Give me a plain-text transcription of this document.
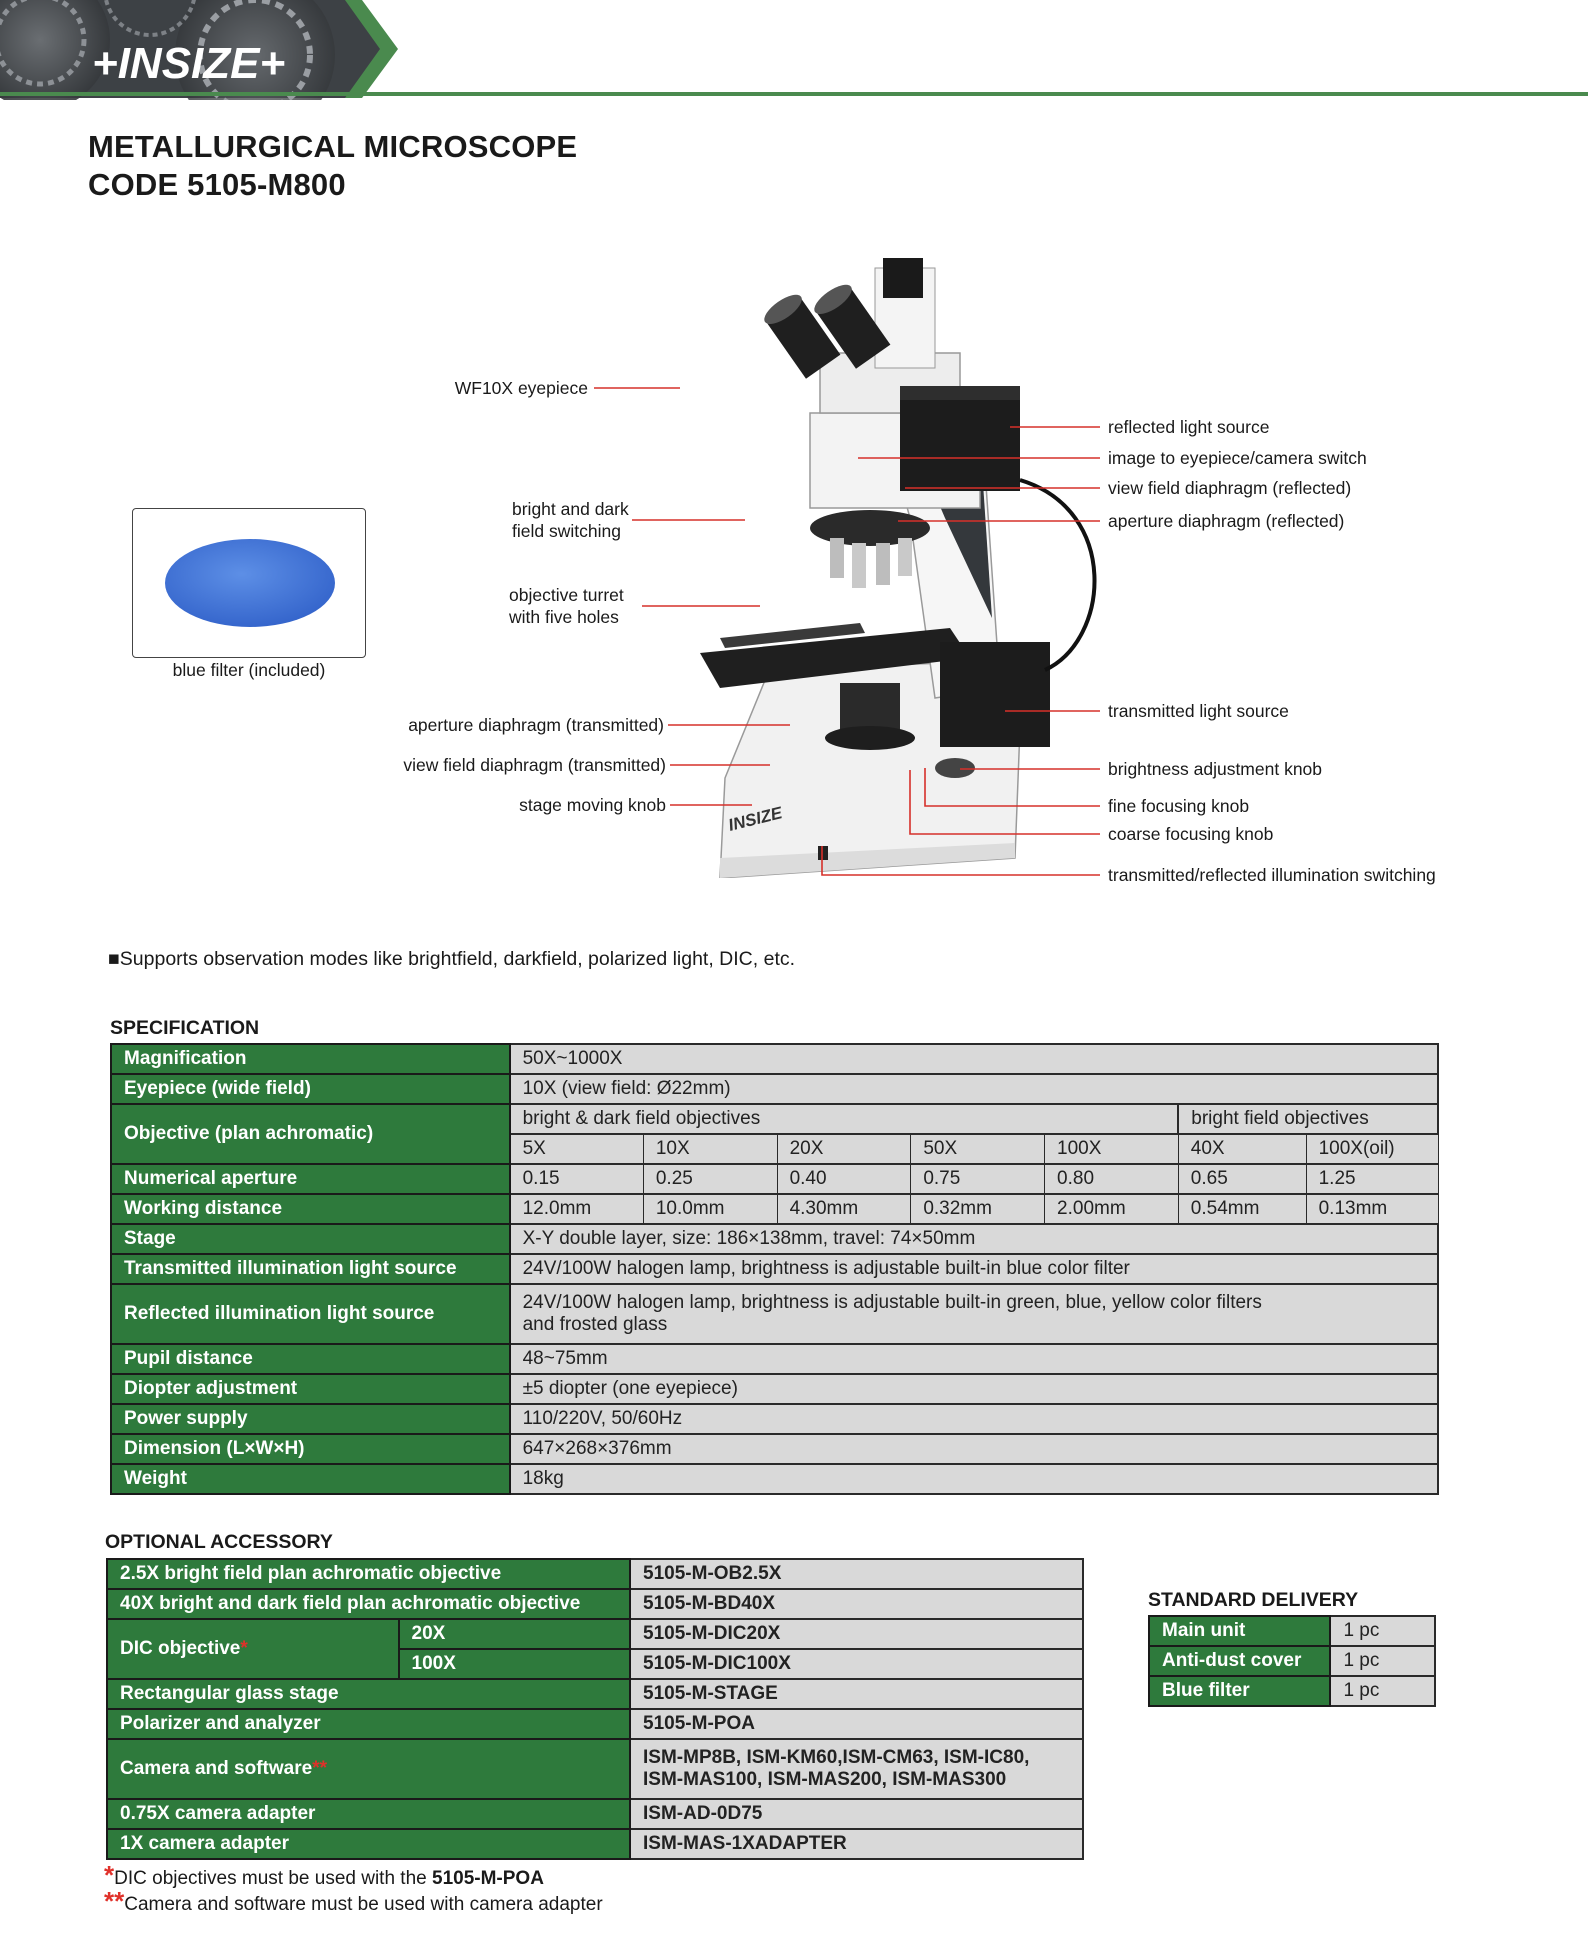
+INSIZE+
METALLURGICAL MICROSCOPE
CODE 5105-M800
blue filter (included)
INSIZE
WF10X eyepiece
bright and dark
field switching
objective turret
with five holes
aperture diaphragm (transmitted)
view field diaphragm (transmitted)
stage moving knob
reflected light source
image to eyepiece/camera switch
view field diaphragm (reflected)
aperture diaphragm (reflected)
transmitted light source
brightness adjustment knob
fine focusing knob
coarse focusing knob
transmitted/reflected illumination switching
■Supports observation modes like brightfield, darkfield, polarized light, DIC, etc.
SPECIFICATION
Magnification	50X~1000X						
Eyepiece (wide field)	10X (view field: Ø22mm)						
Objective (plan achromatic)	bright & dark field objectives					bright field objectives	
	5X	10X	20X	50X	100X	40X	100X(oil)
Numerical aperture	0.15	0.25	0.40	0.75	0.80	0.65	1.25
Working distance	12.0mm	10.0mm	4.30mm	0.32mm	2.00mm	0.54mm	0.13mm
Stage	X-Y double layer, size: 186×138mm, travel: 74×50mm						
Transmitted illumination light source	24V/100W halogen lamp, brightness is adjustable built-in blue color filter						
Reflected illumination light source	24V/100W halogen lamp, brightness is adjustable built-in green, blue, yellow color filters
and frosted glass						

Pupil distance	48~75mm						
Diopter adjustment	±5 diopter (one eyepiece)						
Power supply	110/220V, 50/60Hz						
Dimension (L×W×H)	647×268×376mm						
Weight	18kg						
OPTIONAL ACCESSORY
2.5X bright field plan achromatic objective		5105-M-OB2.5X
40X bright and dark field plan achromatic objective		5105-M-BD40X
DIC objective*	20X	5105-M-DIC20X
	100X	5105-M-DIC100X
Rectangular glass stage		5105-M-STAGE
Polarizer and analyzer		5105-M-POA
Camera and software**		ISM-MP8B, ISM-KM60,ISM-CM63, ISM-IC80,
ISM-MAS100, ISM-MAS200, ISM-MAS300

0.75X camera adapter		ISM-AD-0D75
1X camera adapter		ISM-MAS-1XADAPTER
*DIC objectives must be used with the 5105-M-POA
**Camera and software must be used with camera adapter
STANDARD DELIVERY
Main unit	1 pc
Anti-dust cover	1 pc
Blue filter	1 pc
